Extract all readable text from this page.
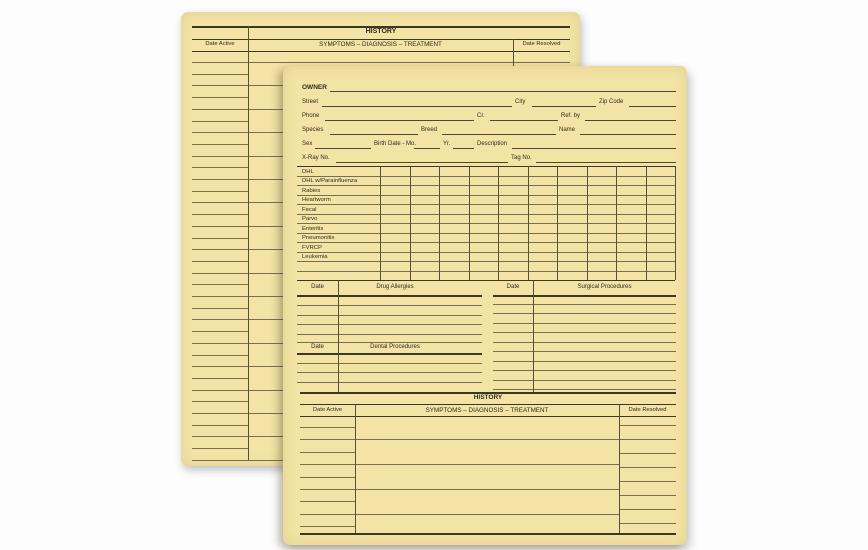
HISTORY
Date Active	SYMPTOMS – DIAGNOSIS – TREATMENT	Date Resolved
OWNER
Street	City	Zip Code
Phone	Cr.	Ref. by
Species	Breed	Name
Sex	Birth Date - Mo.	Yr.	Description
X-Ray No.	Tag No.
DHL
DHL w/Parainfluenza
Rabies
Heartworm
Fecal
Parvo
Enteritis
Pneumonitis
FVRCP
Leukemia
Date	Drug Allergies	Date	Surgical Procedures
Date	Dental Procedures
HISTORY
Date Active	SYMPTOMS – DIAGNOSIS – TREATMENT	Date Resolved
